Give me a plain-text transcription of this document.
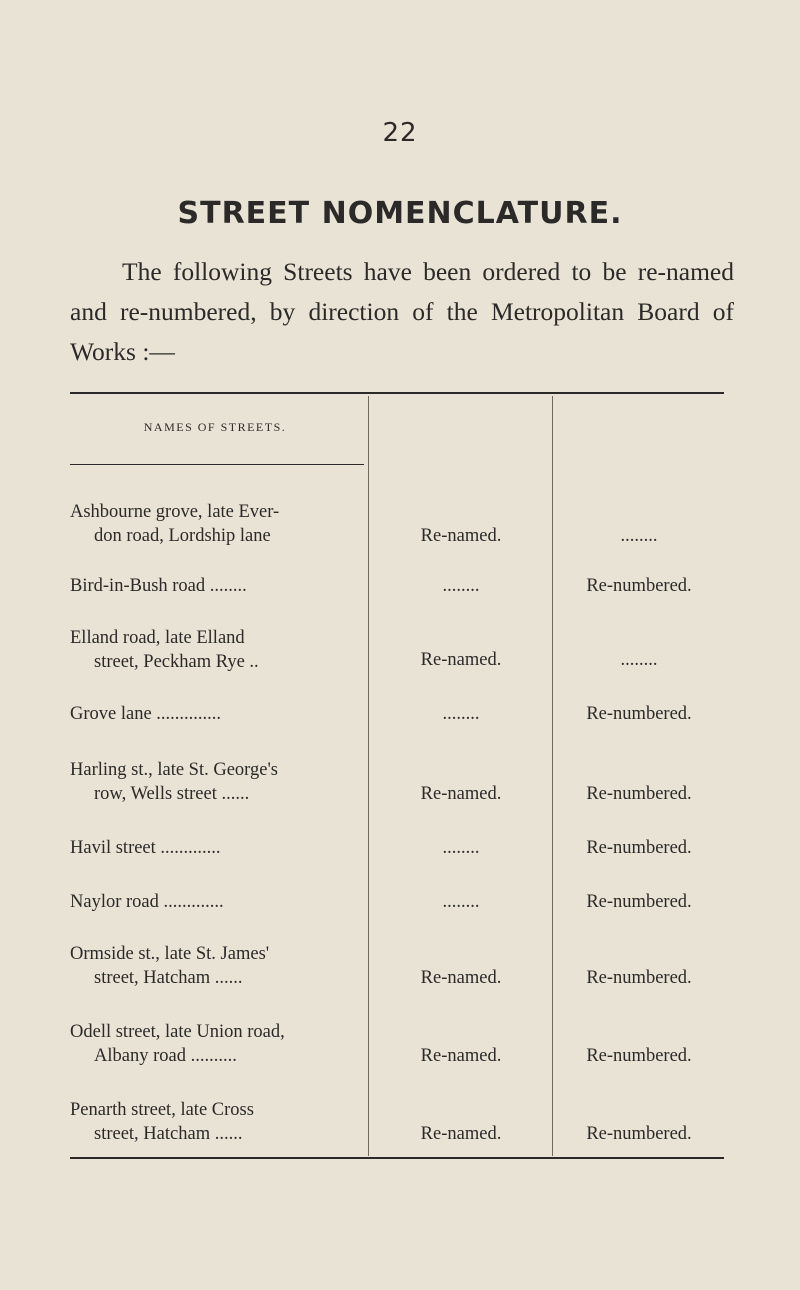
22
STREET NOMENCLATURE.

The following Streets have been ordered to be re-named and re-numbered, by direction of the Metropolitan Board of Works :—

NAMES OF STREETS.
Ashbourne grove, late Ever-
don road, Lordship lane	Re-named.	........
Bird-in-Bush road ........	........	Re-numbered.
Elland road, late Elland
street, Peckham Rye ..	Re-named.	........
Grove lane ..............	........	Re-numbered.
Harling st., late St. George's
row, Wells street ......	Re-named.	Re-numbered.
Havil street .............	........	Re-numbered.
Naylor road .............	........	Re-numbered.
Ormside st., late St. James'
street, Hatcham ......	Re-named.	Re-numbered.
Odell street, late Union road,
Albany road ..........	Re-named.	Re-numbered.
Penarth street, late Cross
street, Hatcham ......	Re-named.	Re-numbered.
